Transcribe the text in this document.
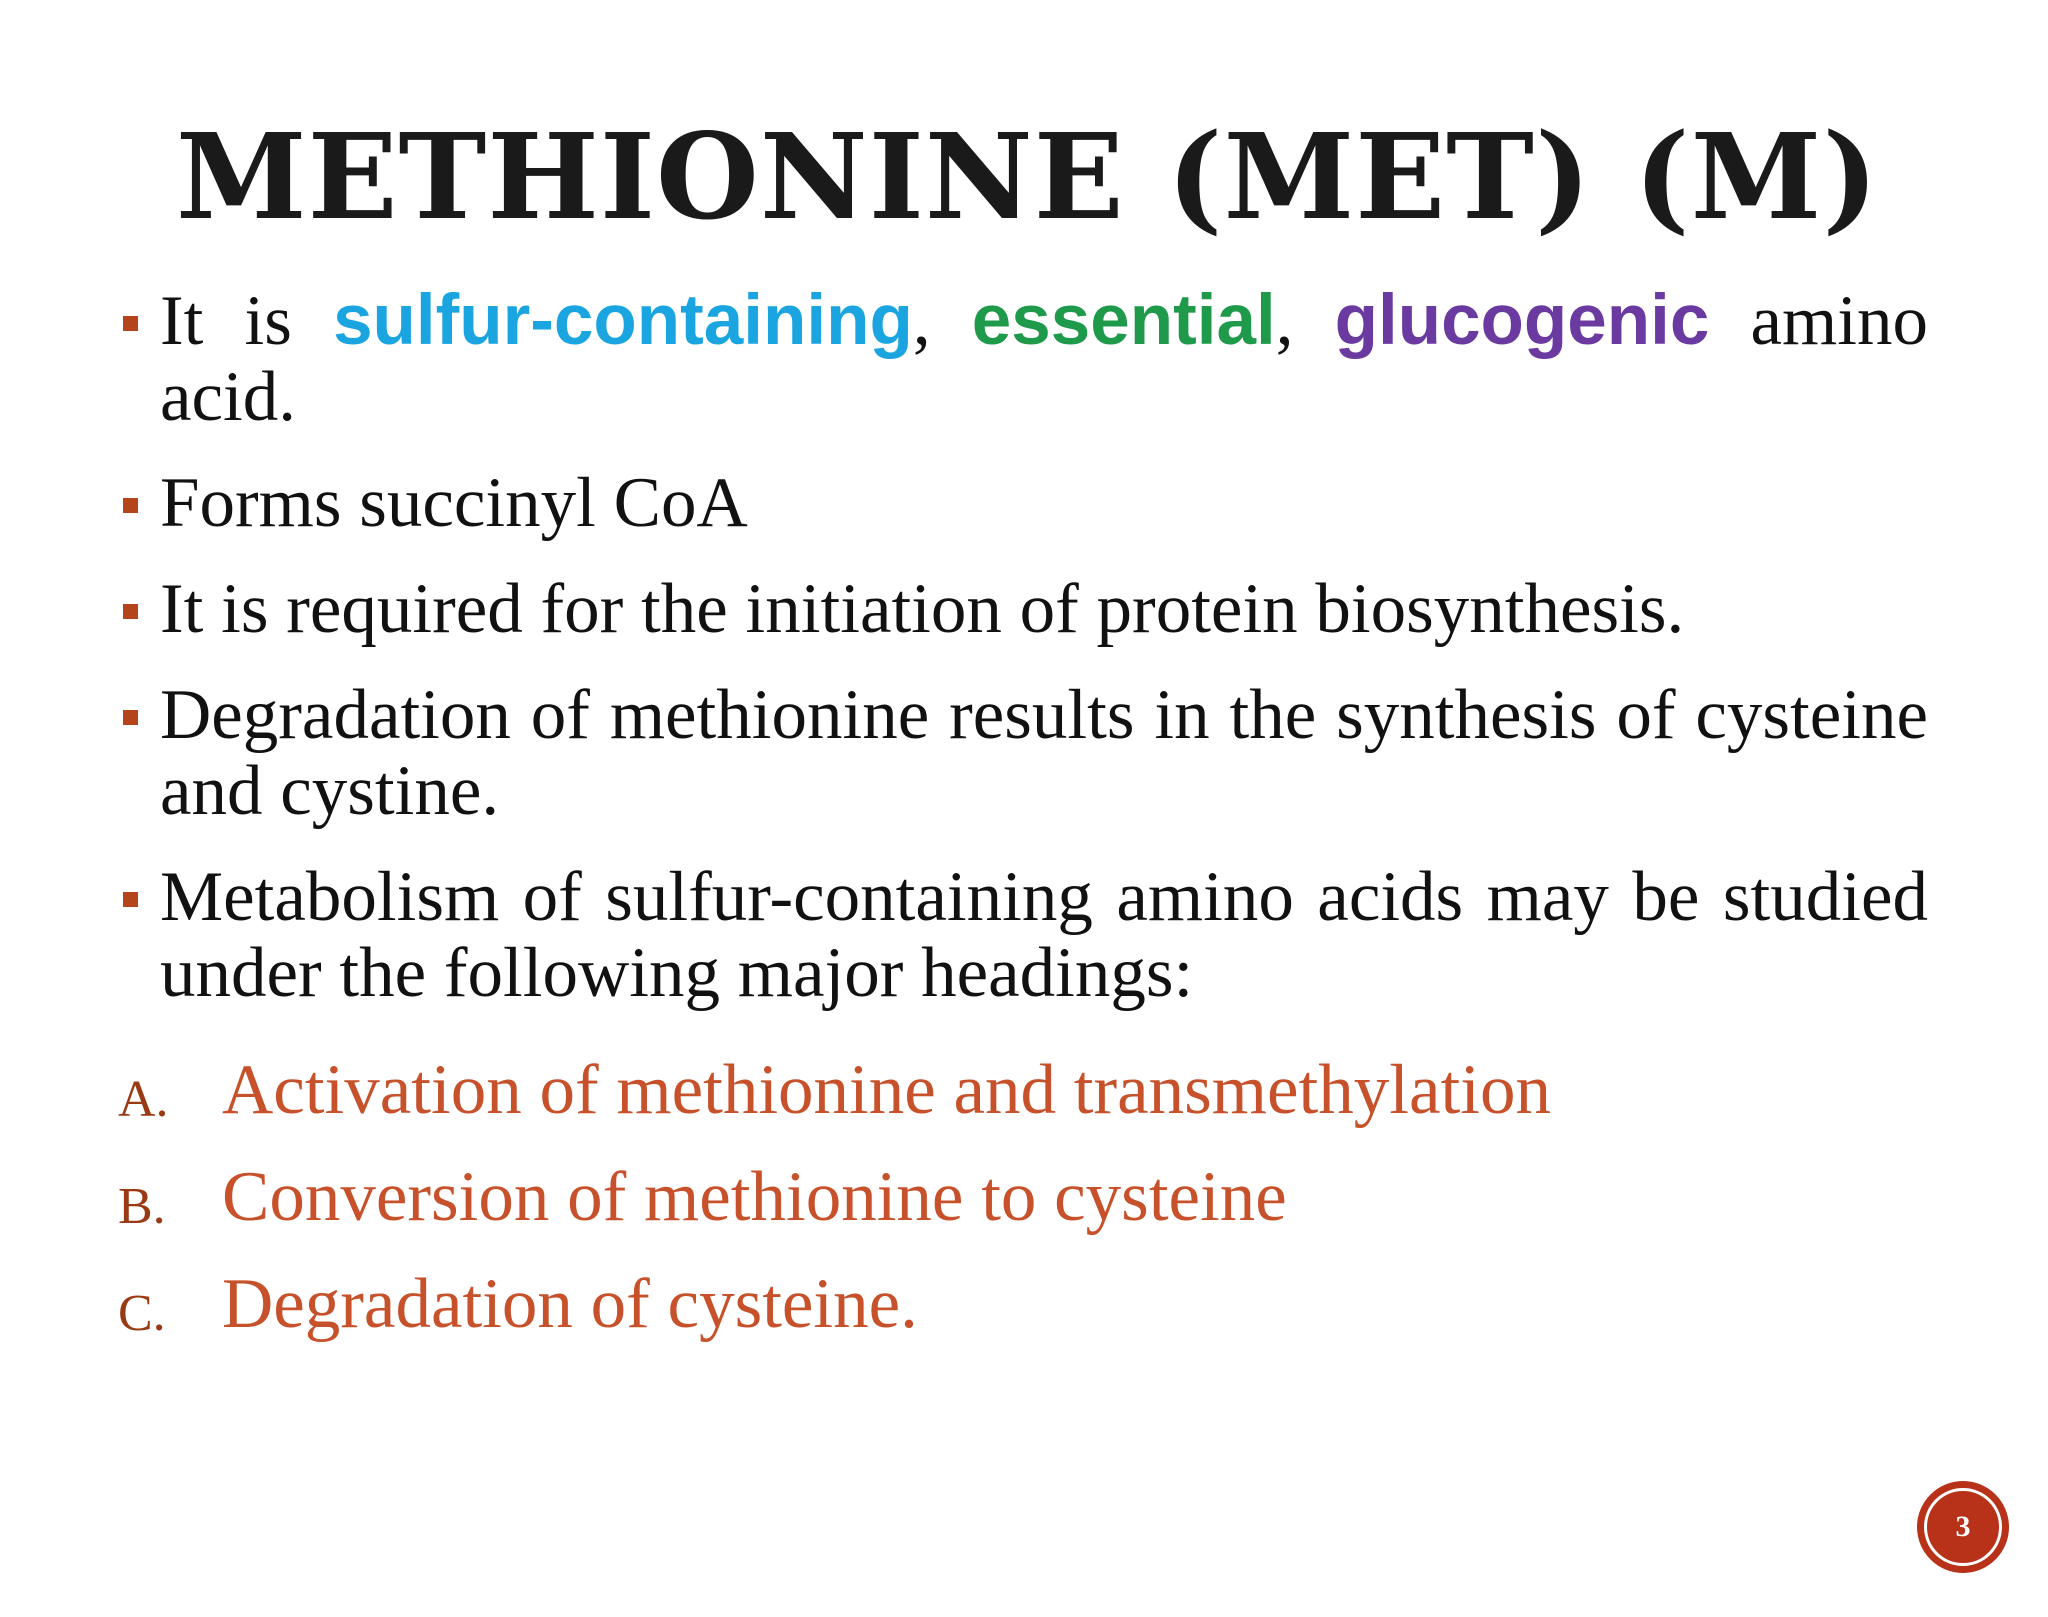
METHIONINE (MET) (M)
It is sulfur-containing, essential, glucogenic amino acid.
Forms succinyl CoA
It is required for the initiation of protein biosynthesis.
Degradation of methionine results in the synthesis of cysteine and cystine.
Metabolism of sulfur-containing amino acids may be studied under the following major headings:
A. Activation of methionine and transmethylation
B. Conversion of methionine to cysteine
C. Degradation of cysteine.
3
